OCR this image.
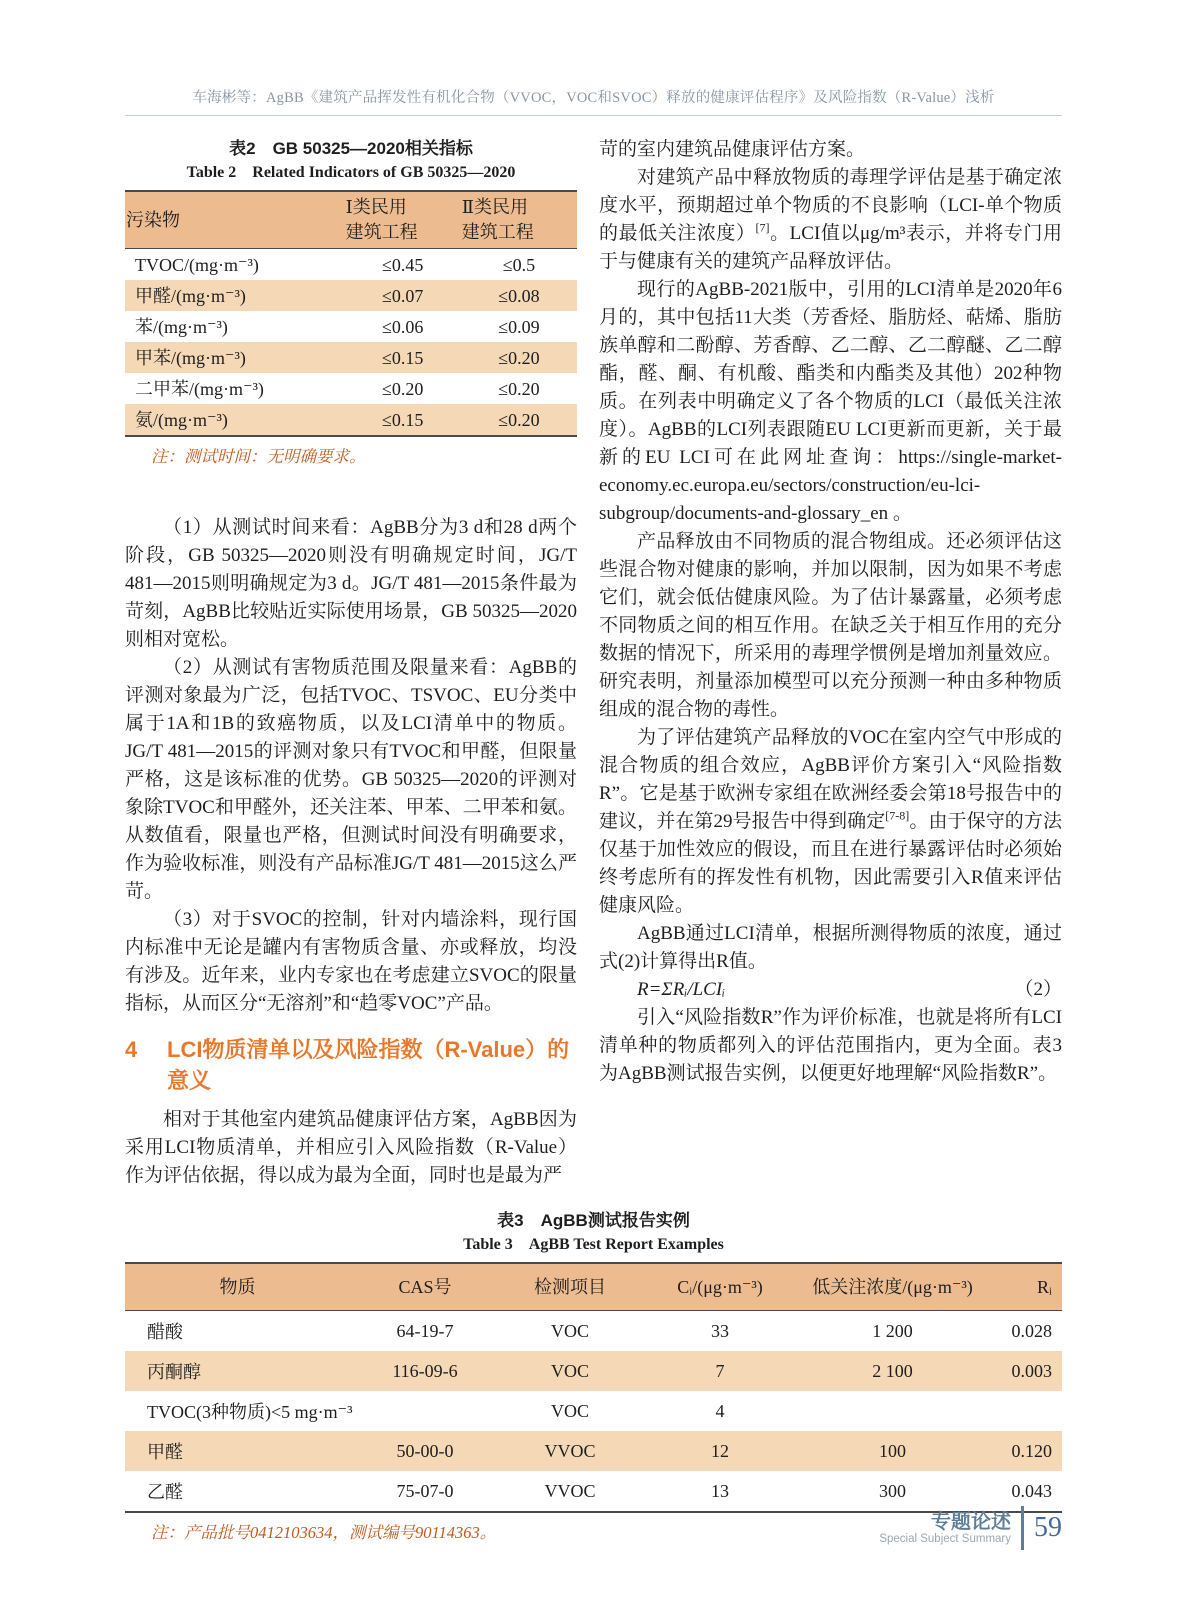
车海彬等：AgBB《建筑产品挥发性有机化合物（VVOC，VOC和SVOC）释放的健康评估程序》及风险指数（R-Value）浅析
表2　GB 50325—2020相关指标
Table 2　Related Indicators of GB 50325—2020
污染物

Ⅰ类民用
建筑工程

Ⅱ类民用
建筑工程

TVOC/(mg·m⁻³)	≤0.45	≤0.5
甲醛/(mg·m⁻³)	≤0.07	≤0.08
苯/(mg·m⁻³)	≤0.06	≤0.09
甲苯/(mg·m⁻³)	≤0.15	≤0.20
二甲苯/(mg·m⁻³)	≤0.20	≤0.20
氨/(mg·m⁻³)	≤0.15	≤0.20
注：测试时间：无明确要求。

（1）从测试时间来看：AgBB分为3 d和28 d两个阶段，GB 50325—2020则没有明确规定时间，JG/T 481—2015则明确规定为3 d。JG/T 481—2015条件最为苛刻，AgBB比较贴近实际使用场景，GB 50325—2020则相对宽松。

（2）从测试有害物质范围及限量来看：AgBB的评测对象最为广泛，包括TVOC、TSVOC、EU分类中属于1A和1B的致癌物质，以及LCI清单中的物质。JG/T 481—2015的评测对象只有TVOC和甲醛，但限量严格，这是该标准的优势。GB 50325—2020的评测对象除TVOC和甲醛外，还关注苯、甲苯、二甲苯和氨。从数值看，限量也严格，但测试时间没有明确要求，作为验收标准，则没有产品标准JG/T 481—2015这么严苛。

（3）对于SVOC的控制，针对内墙涂料，现行国内标准中无论是罐内有害物质含量、亦或释放，均没有涉及。近年来，业内专家也在考虑建立SVOC的限量指标，从而区分“无溶剂”和“趋零VOC”产品。

4	LCI物质清单以及风险指数（R-Value）的意义

相对于其他室内建筑品健康评估方案，AgBB因为采用LCI物质清单，并相应引入风险指数（R-Value）作为评估依据，得以成为最为全面，同时也是最为严

苛的室内建筑品健康评估方案。

对建筑产品中释放物质的毒理学评估是基于确定浓度水平，预期超过单个物质的不良影响（LCI-单个物质的最低关注浓度）[7]。LCI值以μg/m³表示，并将专门用于与健康有关的建筑产品释放评估。

现行的AgBB-2021版中，引用的LCI清单是2020年6月的，其中包括11大类（芳香烃、脂肪烃、萜烯、脂肪族单醇和二酚醇、芳香醇、乙二醇、乙二醇醚、乙二醇酯，醛、酮、有机酸、酯类和内酯类及其他）202种物质。在列表中明确定义了各个物质的LCI（最低关注浓度）。AgBB的LCI列表跟随EU LCI更新而更新，关于最新的EU LCI可在此网址查询：https://single-market-economy.ec.europa.eu/sectors/construction/eu-lci-subgroup/documents-and-glossary_en 。

产品释放由不同物质的混合物组成。还必须评估这些混合物对健康的影响，并加以限制，因为如果不考虑它们，就会低估健康风险。为了估计暴露量，必须考虑不同物质之间的相互作用。在缺乏关于相互作用的充分数据的情况下，所采用的毒理学惯例是增加剂量效应。研究表明，剂量添加模型可以充分预测一种由多种物质组成的混合物的毒性。

为了评估建筑产品释放的VOC在室内空气中形成的混合物质的组合效应，AgBB评价方案引入“风险指数R”。它是基于欧洲专家组在欧洲经委会第18号报告中的建议，并在第29号报告中得到确定[7-8]。由于保守的方法仅基于加性效应的假设，而且在进行暴露评估时必须始终考虑所有的挥发性有机物，因此需要引入R值来评估健康风险。

AgBB通过LCI清单，根据所测得物质的浓度，通过式(2)计算得出R值。

R=ΣRᵢ/LCIᵢ	（2）

引入“风险指数R”作为评价标准，也就是将所有LCI清单种的物质都列入的评估范围指内，更为全面。表3为AgBB测试报告实例，以便更好地理解“风险指数R”。

表3　AgBB测试报告实例
Table 3　AgBB Test Report Examples
物质	CAS号	检测项目	Cᵢ/(μg·m⁻³)	低关注浓度/(μg·m⁻³)	Rᵢ
醋酸	64-19-7	VOC	33	1 200	0.028
丙酮醇	116-09-6	VOC	7	2 100	0.003
TVOC(3种物质)<5 mg·m⁻³		VOC	4		
甲醛	50-00-0	VVOC	12	100	0.120
乙醛	75-07-0	VVOC	13	300	0.043
注：产品批号0412103634，测试编号90114363。	专题论述
Special Subject Summary 59
